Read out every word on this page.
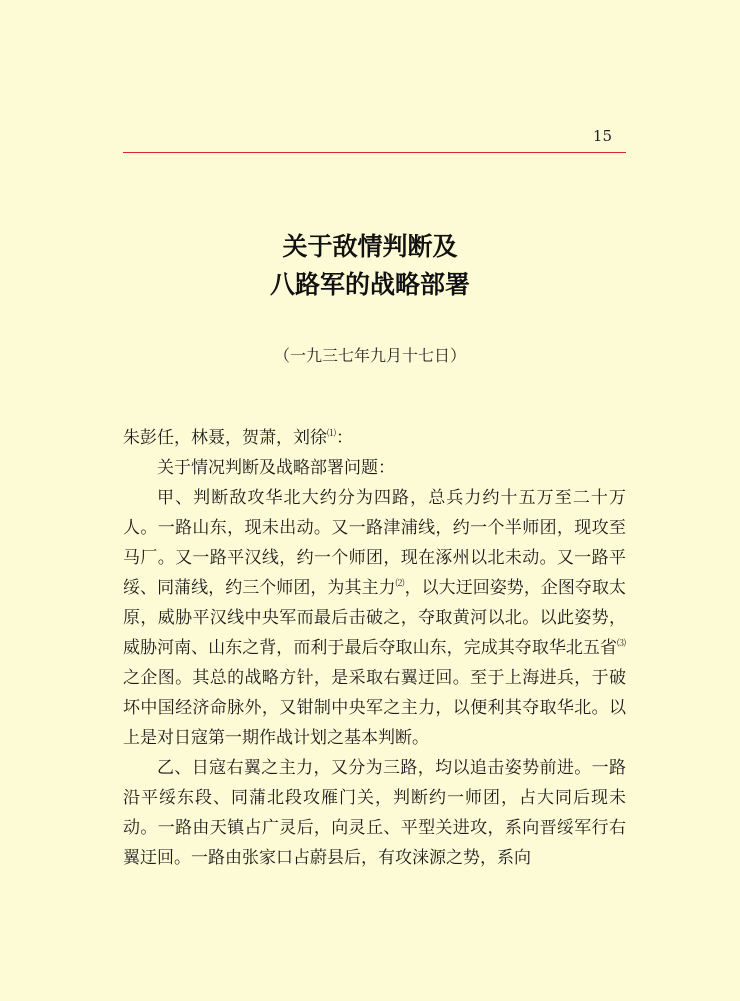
15
关于敌情判断及
八路军的战略部署
（一九三七年九月十七日）

朱彭任，林聂，贺萧，刘徐⑴：

关于情况判断及战略部署问题：

甲、判断敌攻华北大约分为四路，总兵力约十五万至二十万人。一路山东，现未出动。又一路津浦线，约一个半师团，现攻至马厂。又一路平汉线，约一个师团，现在涿州以北未动。又一路平绥、同蒲线，约三个师团，为其主力⑵，以大迂回姿势，企图夺取太原，威胁平汉线中央军而最后击破之，夺取黄河以北。以此姿势，威胁河南、山东之背，而利于最后夺取山东，完成其夺取华北五省⑶之企图。其总的战略方针，是采取右翼迂回。至于上海进兵，于破坏中国经济命脉外，又钳制中央军之主力，以便利其夺取华北。以上是对日寇第一期作战计划之基本判断。

乙、日寇右翼之主力，又分为三路，均以追击姿势前进。一路沿平绥东段、同蒲北段攻雁门关，判断约一师团，占大同后现未动。一路由天镇占广灵后，向灵丘、平型关进攻，系向晋绥军行右翼迂回。一路由张家口占蔚县后，有攻涞源之势，系向
